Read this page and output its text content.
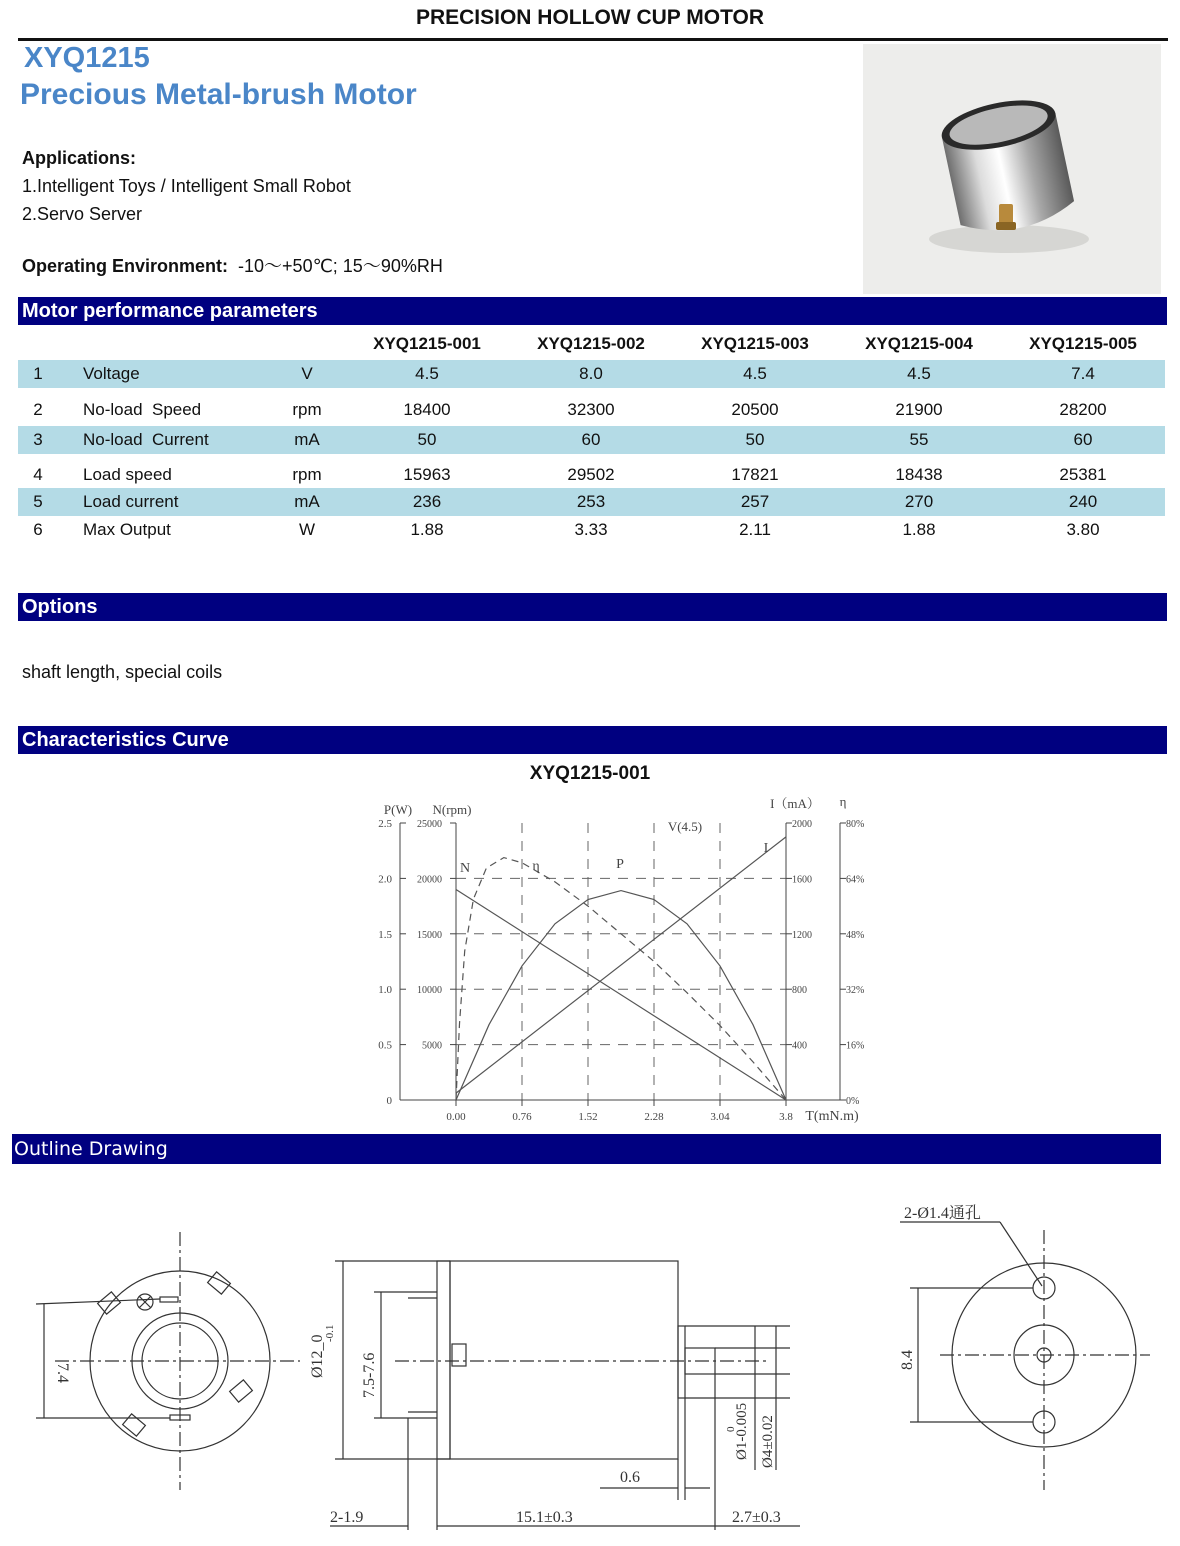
PRECISION HOLLOW CUP MOTOR
XYQ1215
Precious Metal-brush Motor
Applications:
1.Intelligent Toys / Intelligent Small Robot
2.Servo Server
Operating Environment: -10～+50℃; 15～90%RH
Motor performance parameters
XYQ1215-001	XYQ1215-002	XYQ1215-003	XYQ1215-004	XYQ1215-005
1	Voltage	V	4.5	8.0	4.5	4.5	7.4
2	No-load  Speed	rpm	18400	32300	20500	21900	28200
3	No-load  Current	mA	50	60	50	55	60
4	Load speed	rpm	15963	29502	17821	18438	25381
5	Load current	mA	236	253	257	270	240
6	Max Output	W	1.88	3.33	2.11	1.88	3.80
Options
shaft length, special coils
Characteristics Curve
XYQ1215-001
0
0.5
1.0
1.5
2.0
2.5
5000
10000
15000
20000
25000
400
800
1200
1600
2000
0%
16%
32%
48%
64%
80%
0.00	0.76	1.52	2.28	3.04	3.8
P(W) N(rpm)	I（mA） η
T(mN.m)
V(4.5)
N
I
P
η
Outline Drawing
7.4	Ø12_0
-0.1
7.5-7.6
Ø1-0.005
0 Ø4±0.02
0.6
2-1.9	15.1±0.3	2.7±0.3
2-Ø1.4通孔
8.4
